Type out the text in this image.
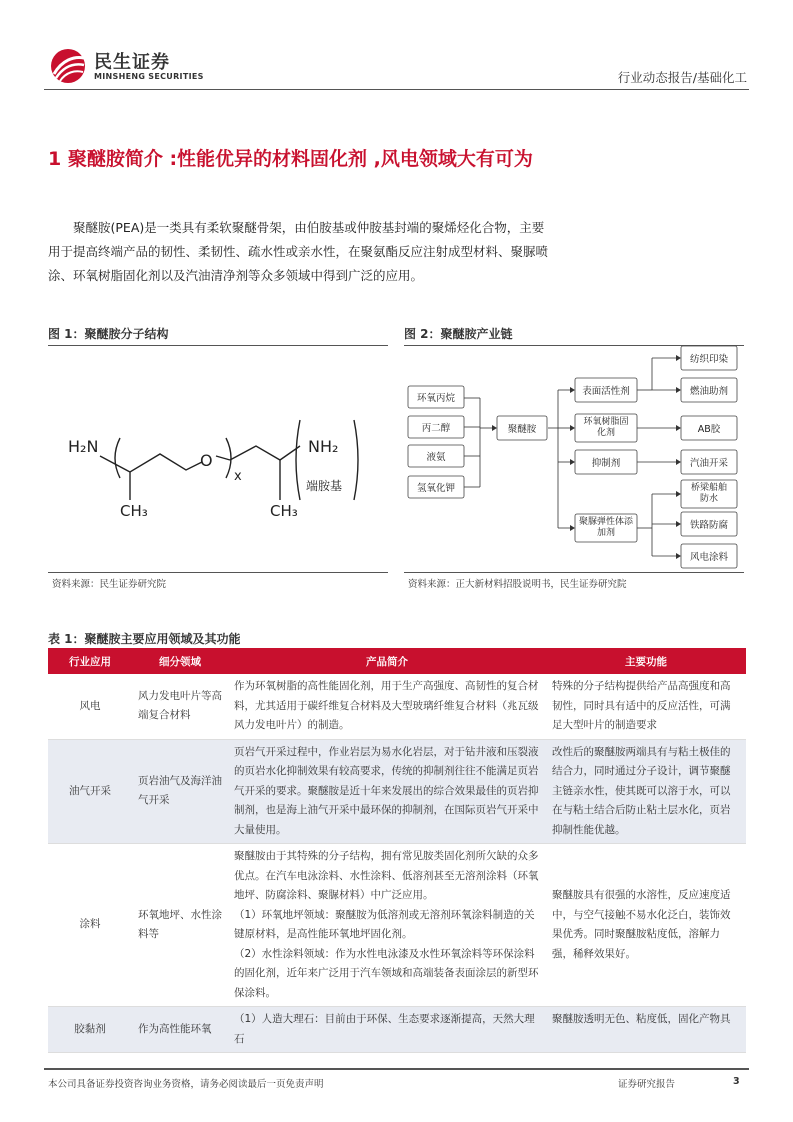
民生证券
MINSHENG SECURITIES	行业动态报告/基础化工
1 聚醚胺简介 :性能优异的材料固化剂 ,风电领域大有可为
聚醚胺(PEA)是一类具有柔软聚醚骨架，由伯胺基或仲胺基封端的聚烯烃化合物，主要用于提高终端产品的韧性、柔韧性、疏水性或亲水性，在聚氨酯反应注射成型材料、聚脲喷涂、环氧树脂固化剂以及汽油清净剂等众多领域中得到广泛的应用。
图 1：聚醚胺分子结构
H₂N
O
x
NH₂
CH₃	CH₃
端胺基
资料来源：民生证券研究院
图 2：聚醚胺产业链
环氧丙烷
丙二醇
液氨
氢氧化钾
聚醚胺
表面活性剂
环氧树脂固化剂
抑制剂
聚脲弹性体添加剂
纺织印染
燃油助剂
AB胶
汽油开采
桥梁船舶防水
铁路防腐
风电涂料
资料来源：正大新材料招股说明书，民生证券研究院
表 1：聚醚胺主要应用领域及其功能
行业应用	细分领域	产品简介	主要功能
风电	风力发电叶片等高端复合材料	作为环氧树脂的高性能固化剂，用于生产高强度、高韧性的复合材料，尤其适用于碳纤维复合材料及大型玻璃纤维复合材料（兆瓦级风力发电叶片）的制造。	特殊的分子结构提供给产品高强度和高韧性，同时具有适中的反应活性，可满足大型叶片的制造要求
油气开采	页岩油气及海洋油气开采	页岩气开采过程中，作业岩层为易水化岩层，对于钻井液和压裂液的页岩水化抑制效果有较高要求，传统的抑制剂往往不能满足页岩气开采的要求。聚醚胺是近十年来发展出的综合效果最佳的页岩抑制剂，也是海上油气开采中最环保的抑制剂，在国际页岩气开采中大量使用。	改性后的聚醚胺两端具有与粘土极佳的结合力，同时通过分子设计，调节聚醚主链亲水性，使其既可以溶于水，可以在与粘土结合后防止粘土层水化，页岩抑制性能优越。
涂料	环氧地坪、水性涂料等	聚醚胺由于其特殊的分子结构，拥有常见胺类固化剂所欠缺的众多优点。在汽车电泳涂料、水性涂料、低溶剂甚至无溶剂涂料（环氧地坪、防腐涂料、聚脲材料）中广泛应用。
（1）环氧地坪领域：聚醚胺为低溶剂或无溶剂环氧涂料制造的关键原材料，是高性能环氧地坪固化剂。
（2）水性涂料领域：作为水性电泳漆及水性环氧涂料等环保涂料的固化剂，近年来广泛用于汽车领域和高端装备表面涂层的新型环保涂料。	聚醚胺具有很强的水溶性，反应速度适中，与空气接触不易水化泛白，装饰效果优秀。同时聚醚胺粘度低，溶解力强，稀释效果好。
胶黏剂	作为高性能环氧	（1）人造大理石：目前由于环保、生态要求逐渐提高，天然大理石	聚醚胺透明无色、粘度低，固化产物具
本公司具备证券投资咨询业务资格，请务必阅读最后一页免责声明	证券研究报告	3
